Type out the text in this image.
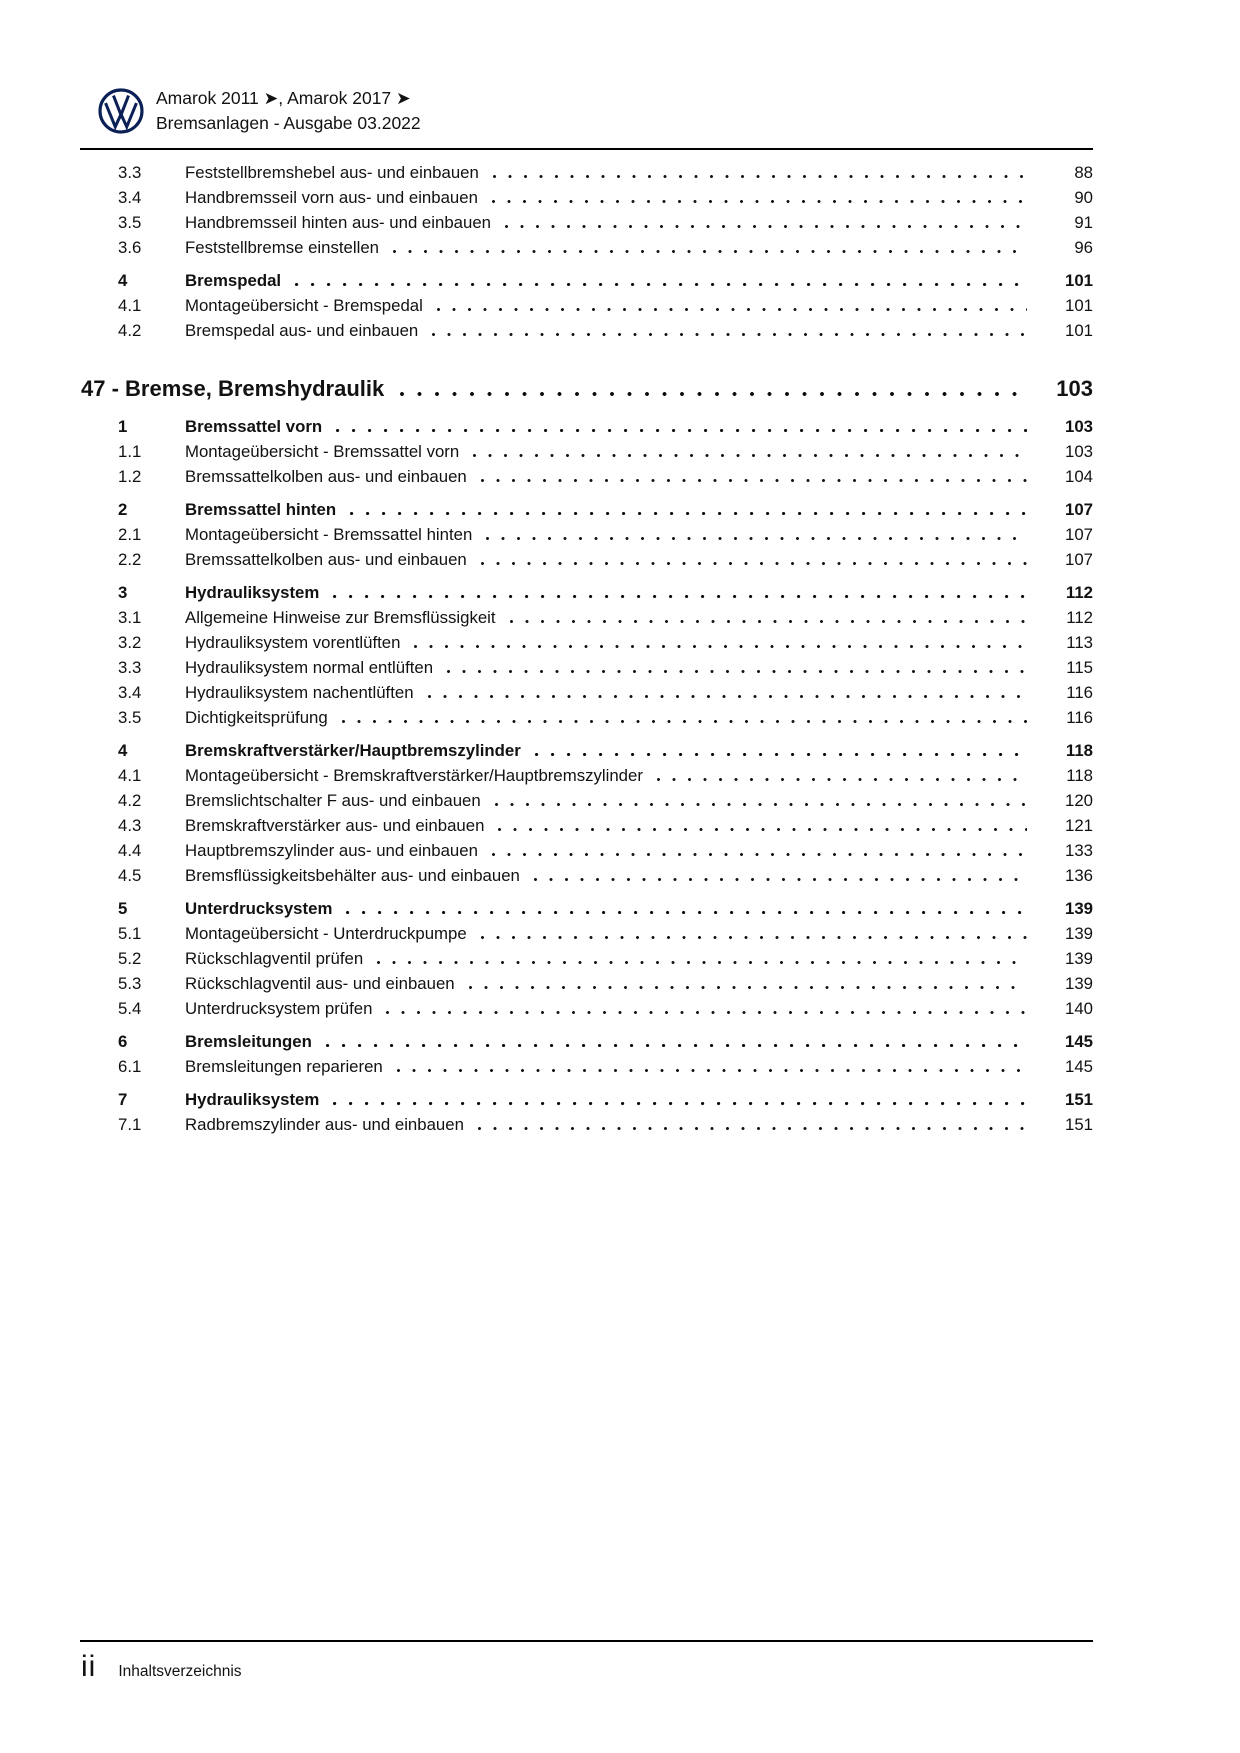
Amarok 2011 ➤, Amarok 2017 ➤
Bremsanlagen - Ausgabe 03.2022
3.3	Feststellbremshebel aus- und einbauen	88
3.4	Handbremsseil vorn aus- und einbauen	90
3.5	Handbremsseil hinten aus- und einbauen	91
3.6	Feststellbremse einstellen	96
4	Bremspedal	101
4.1	Montageübersicht - Bremspedal	101
4.2	Bremspedal aus- und einbauen	101
47 - Bremse, Bremshydraulik	103
1	Bremssattel vorn	103
1.1	Montageübersicht - Bremssattel vorn	103
1.2	Bremssattelkolben aus- und einbauen	104
2	Bremssattel hinten	107
2.1	Montageübersicht - Bremssattel hinten	107
2.2	Bremssattelkolben aus- und einbauen	107
3	Hydrauliksystem	112
3.1	Allgemeine Hinweise zur Bremsflüssigkeit	112
3.2	Hydrauliksystem vorentlüften	113
3.3	Hydrauliksystem normal entlüften	115
3.4	Hydrauliksystem nachentlüften	116
3.5	Dichtigkeitsprüfung	116
4	Bremskraftverstärker/Hauptbremszylinder	118
4.1	Montageübersicht - Bremskraftverstärker/Hauptbremszylinder	118
4.2	Bremslichtschalter F aus- und einbauen	120
4.3	Bremskraftverstärker aus- und einbauen	121
4.4	Hauptbremszylinder aus- und einbauen	133
4.5	Bremsflüssigkeitsbehälter aus- und einbauen	136
5	Unterdrucksystem	139
5.1	Montageübersicht - Unterdruckpumpe	139
5.2	Rückschlagventil prüfen	139
5.3	Rückschlagventil aus- und einbauen	139
5.4	Unterdrucksystem prüfen	140
6	Bremsleitungen	145
6.1	Bremsleitungen reparieren	145
7	Hydrauliksystem	151
7.1	Radbremszylinder aus- und einbauen	151
ii Inhaltsverzeichnis
